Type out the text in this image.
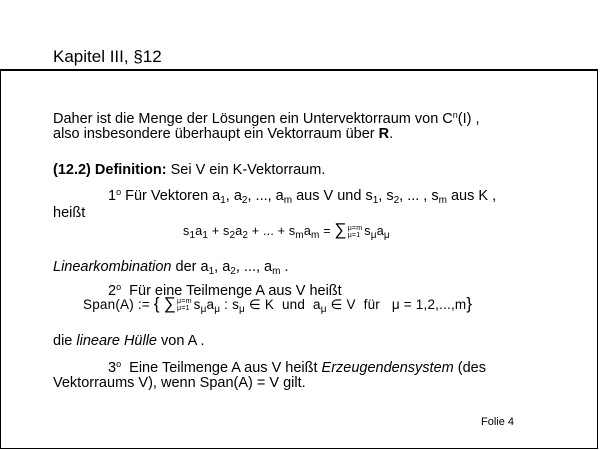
Kapitel III, §12
Daher ist die Menge der Lösungen ein Untervektorraum von $C^n(I)$ ,
also insbesondere überhaupt ein Vektorraum über R.
(12.2) Definition: Sei V ein K-Vektorraum.
1$^o$ Für Vektoren $a_1$, $a_2$, ..., $a_m$ aus V und $s_1$, $s_2$, ... , $s_m$ aus K ,
heißt
$s_1a_1 + s_2a_2$ + ... + $s_ma_m = \sum\mu=m$
μ=1 $s_\mu a_\mu$
Linearkombination der $a_1$, $a_2$, ..., $a_m$ .
2$^o$  Für eine Teilmenge A aus V heißt
Span(A) := { ∑μ=m
μ=1 $s_\mu a_\mu$ : $s_\mu$ ∈ K  und  $a_\mu$ ∈ V  für   μ = 1,2,...,m}
die lineare Hülle von A .
3$^o$  Eine Teilmenge A aus V heißt Erzeugendensystem (des
Vektorraums V), wenn Span(A) = V gilt.
Folie 4
